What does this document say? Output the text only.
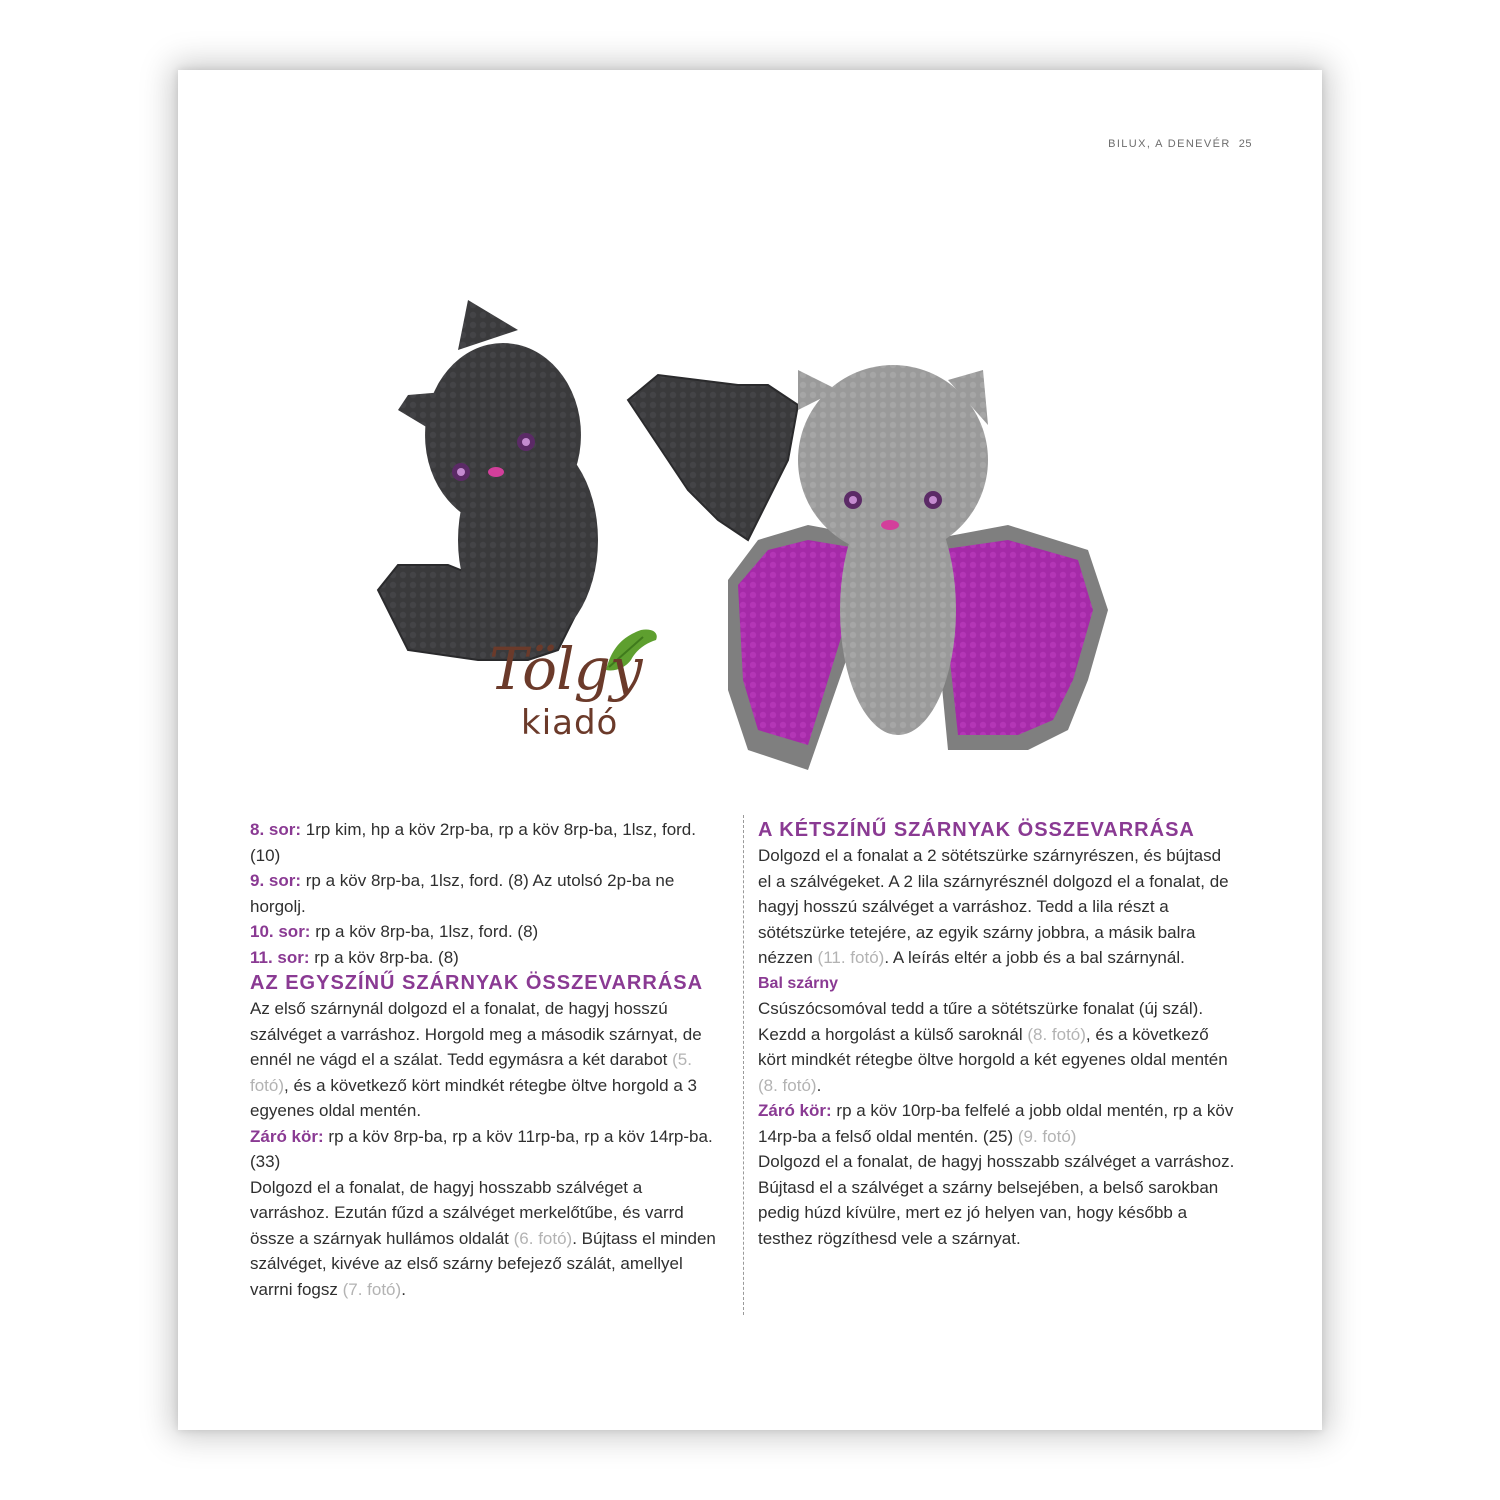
BILUX, A DENEVÉR 25
Tölgy
kiadó

8. sor: 1rp kim, hp a köv 2rp-ba, rp a köv 8rp-ba, 1lsz, ford. (10)

9. sor: rp a köv 8rp-ba, 1lsz, ford. (8) Az utolsó 2p-ba ne horgolj.

10. sor: rp a köv 8rp-ba, 1lsz, ford. (8)

11. sor: rp a köv 8rp-ba. (8)

AZ EGYSZÍNŰ SZÁRNYAK ÖSSZEVARRÁSA

Az első szárnynál dolgozd el a fonalat, de hagyj hosszú szálvéget a varráshoz. Horgold meg a második szárnyat, de ennél ne vágd el a szálat. Tedd egymásra a két darabot (5. fotó), és a következő kört mindkét rétegbe öltve horgold a 3 egyenes oldal mentén.

Záró kör: rp a köv 8rp-ba, rp a köv 11rp-ba, rp a köv 14rp-ba. (33)

Dolgozd el a fonalat, de hagyj hosszabb szálvéget a varráshoz. Ezután fűzd a szálvéget merkelőtűbe, és varrd össze a szárnyak hullámos oldalát (6. fotó). Bújtass el minden szálvéget, kivéve az első szárny befejező szálát, amellyel varrni fogsz (7. fotó).

A KÉTSZÍNŰ SZÁRNYAK ÖSSZEVARRÁSA

Dolgozd el a fonalat a 2 sötétszürke szárnyrészen, és bújtasd el a szálvégeket. A 2 lila szárnyrésznél dolgozd el a fonalat, de hagyj hosszú szálvéget a varráshoz. Tedd a lila részt a sötétszürke tetejére, az egyik szárny jobbra, a másik balra nézzen (11. fotó). A leírás eltér a jobb és a bal szárnynál.

Bal szárny

Csúszócsomóval tedd a tűre a sötétszürke fonalat (új szál). Kezdd a horgolást a külső saroknál (8. fotó), és a következő kört mindkét rétegbe öltve horgold a két egyenes oldal mentén (8. fotó).

Záró kör: rp a köv 10rp-ba felfelé a jobb oldal mentén, rp a köv 14rp-ba a felső oldal mentén. (25) (9. fotó)

Dolgozd el a fonalat, de hagyj hosszabb szálvéget a varráshoz. Bújtasd el a szálvéget a szárny belsejében, a belső sarokban pedig húzd kívülre, mert ez jó helyen van, hogy később a testhez rögzíthesd vele a szárnyat.
